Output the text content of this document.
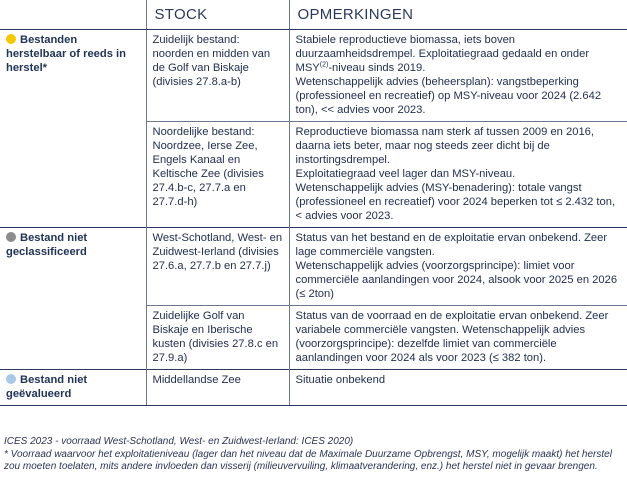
	STOCK	OPMERKINGEN
Bestanden herstelbaar of reeds in herstel*	Zuidelijk bestand: noorden en midden van de Golf van Biskaje (divisies 27.8.a-b)	Stabiele reproductieve biomassa, iets boven duurzaamheidsdrempel. Exploitatiegraad gedaald en onder MSY$^{(2)}$-niveau sinds 2019.
Wetenschappelijk advies (beheersplan): vangstbeperking (professioneel en recreatief) op MSY-niveau voor 2024 (2.642 ton), << advies voor 2023.

	Noordelijke bestand: Noordzee, Ierse Zee, Engels Kanaal en Keltische Zee (divisies 27.4.b-c, 27.7.a en 27.7.d-h)	Reproductieve biomassa nam sterk af tussen 2009 en 2016, daarna iets beter, maar nog steeds zeer dicht bij de instortingsdrempel.
Exploitatiegraad veel lager dan MSY-niveau.
Wetenschappelijk advies (MSY-benadering): totale vangst (professioneel en recreatief) voor 2024 beperken tot ≤ 2.432 ton, < advies voor 2023.

Bestand niet geclassificeerd	West-Schotland, West- en Zuidwest-Ierland (divisies 27.6.a, 27.7.b en 27.7.j)	Status van het bestand en de exploitatie ervan onbekend. Zeer lage commerciële vangsten.
Wetenschappelijk advies (voorzorgsprincipe): limiet voor commerciële aanlandingen voor 2024, alsook voor 2025 en 2026 (≤ 2ton)

	Zuidelijke Golf van Biskaje en Iberische kusten (divisies 27.8.c en 27.9.a)	Status van de voorraad en de exploitatie ervan onbekend. Zeer variabele commerciële vangsten. Wetenschappelijk advies (voorzorgsprincipe): dezelfde limiet van commerciële aanlandingen voor 2024 als voor 2023 (≤ 382 ton).

Bestand niet geëvalueerd	Middellandse Zee	Situatie onbekend
ICES 2023 - voorraad West-Schotland, West- en Zuidwest-Ierland: ICES 2020)
* Voorraad waarvoor het exploitatieniveau (lager dan het niveau dat de Maximale Duurzame Opbrengst, MSY, mogelijk maakt) het herstel zou moeten toelaten, mits andere invloeden dan visserij (milieuvervuiling, klimaatverandering, enz.) het herstel niet in gevaar brengen.
